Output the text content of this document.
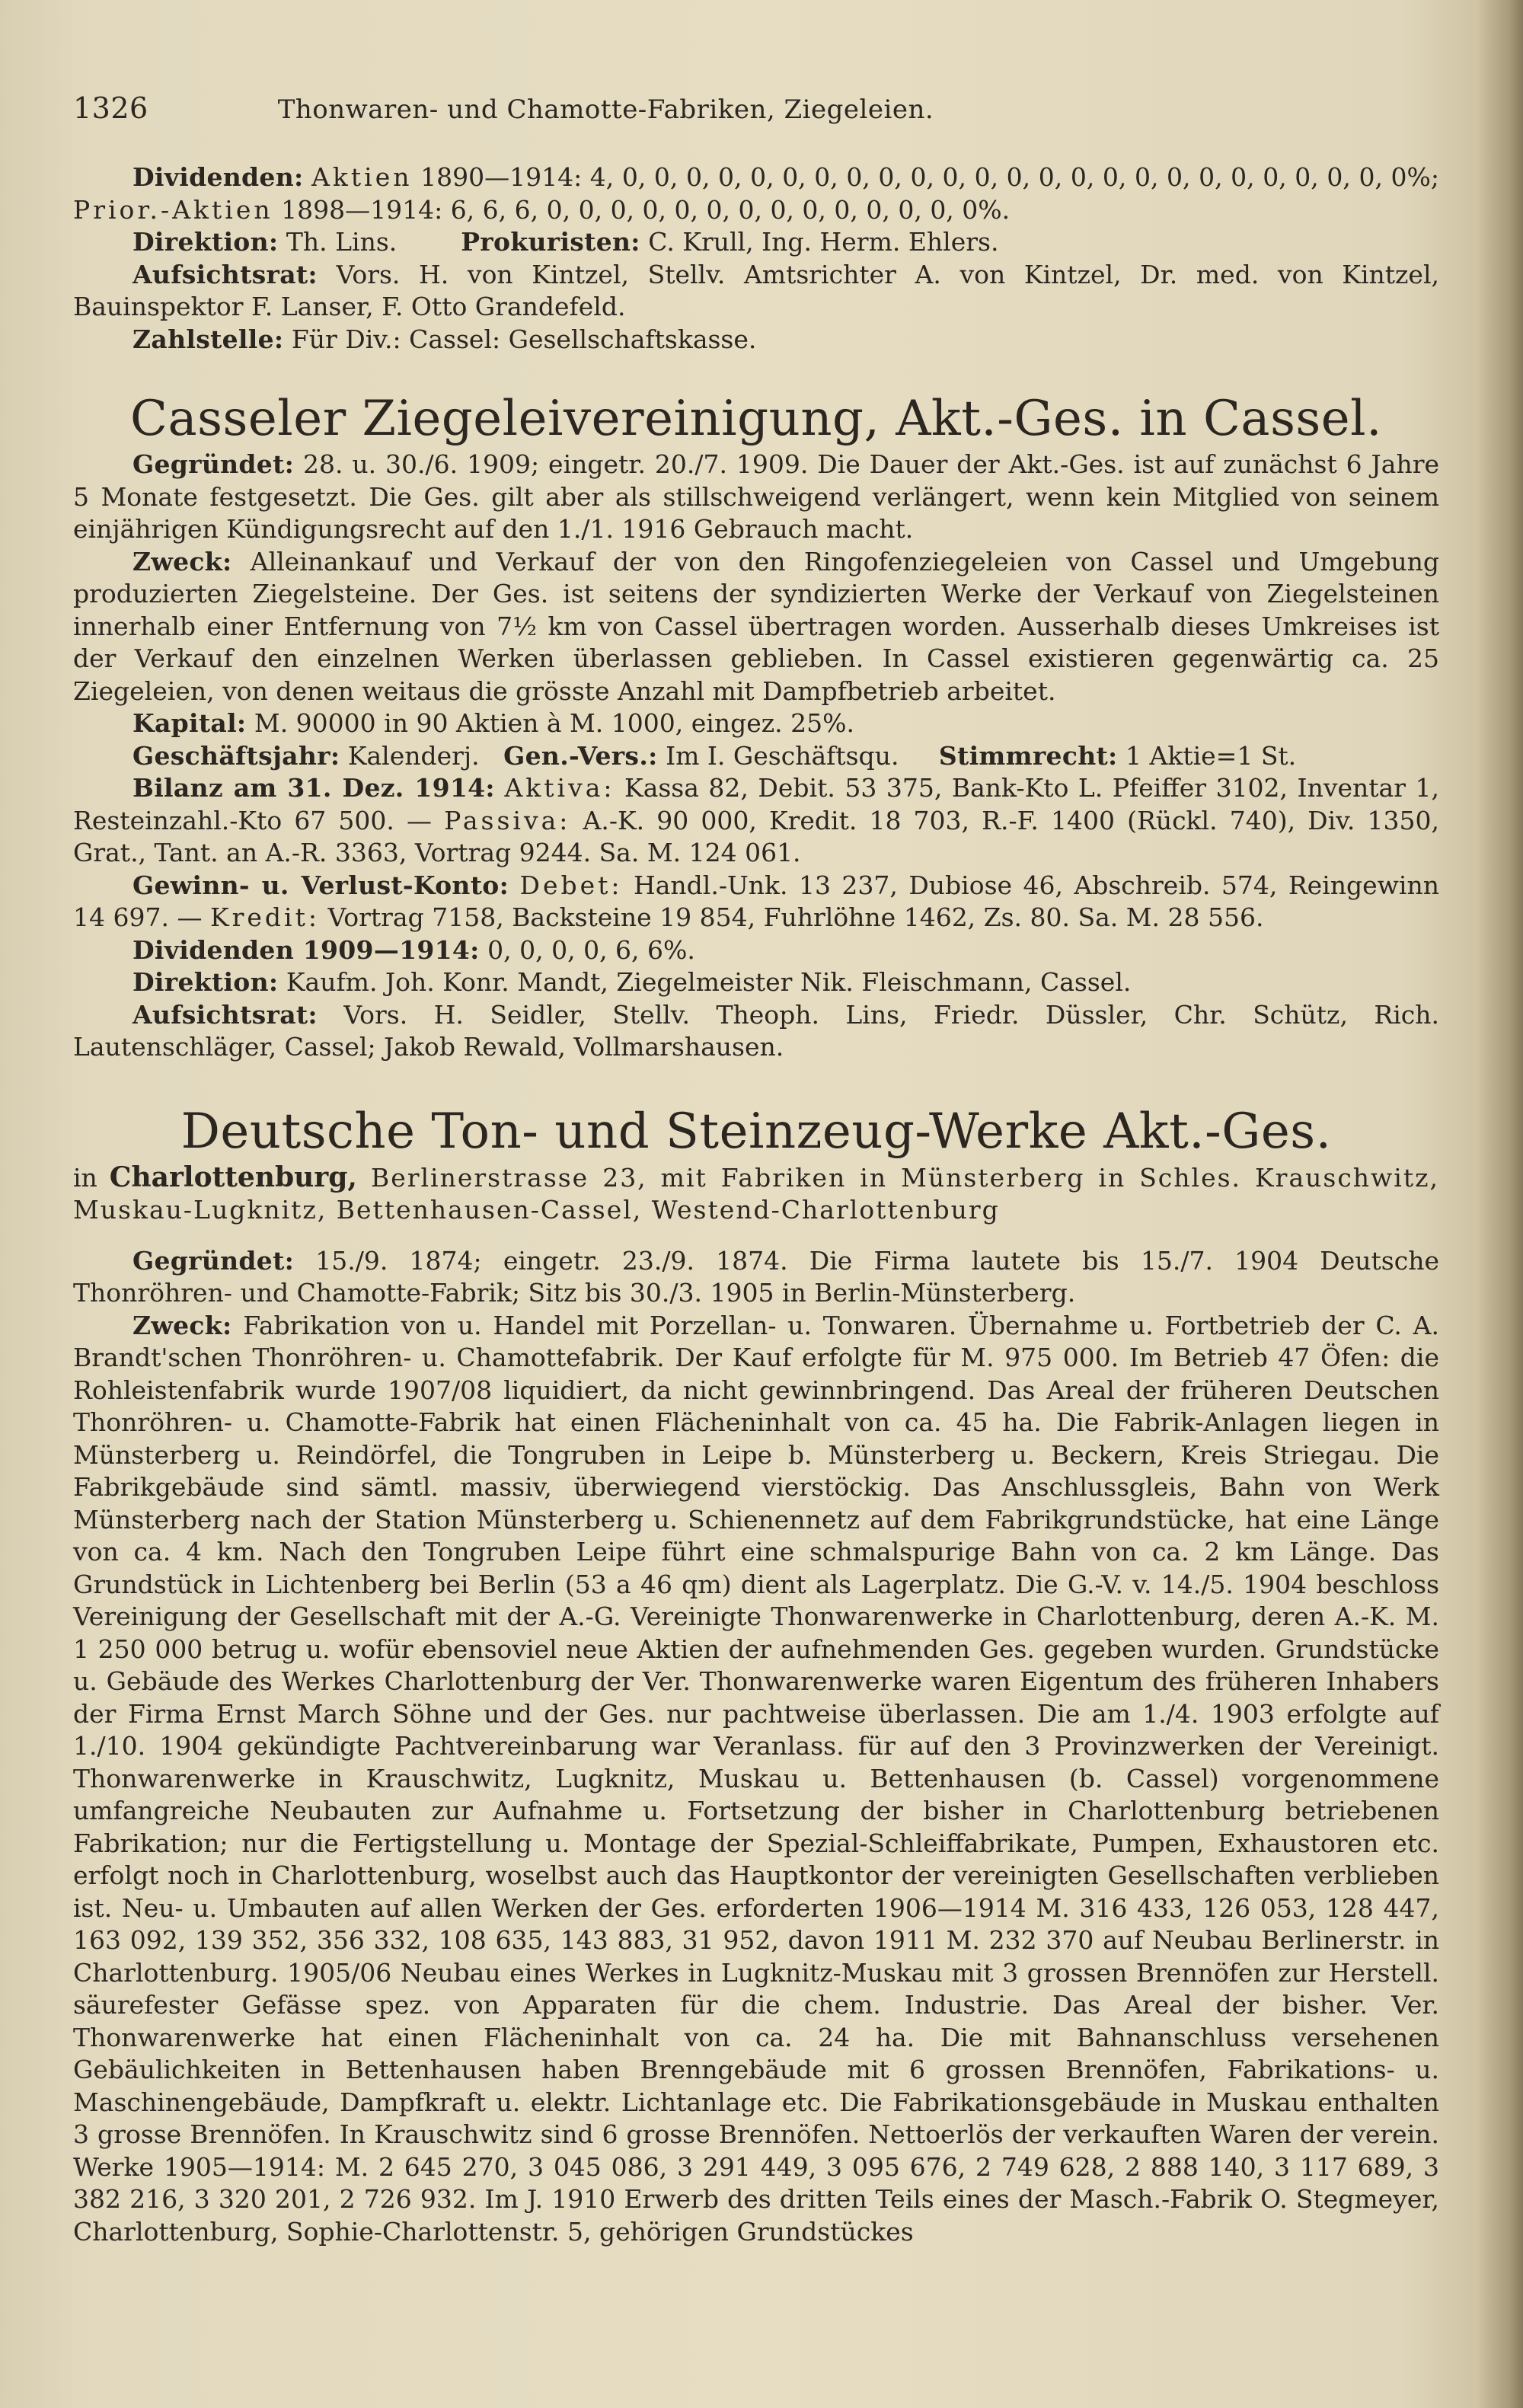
1326	Thonwaren- und Chamotte-Fabriken, Ziegeleien.

Dividenden: Aktien 1890—1914: 4, 0, 0, 0, 0, 0, 0, 0, 0, 0, 0, 0, 0, 0, 0, 0, 0, 0, 0, 0, 0, 0, 0, 0, 0, 0%; Prior.-Aktien 1898—1914: 6, 6, 6, 0, 0, 0, 0, 0, 0, 0, 0, 0, 0, 0, 0, 0, 0%.

Direktion: Th. Lins.	Prokuristen: C. Krull, Ing. Herm. Ehlers.

Aufsichtsrat: Vors. H. von Kintzel, Stellv. Amtsrichter A. von Kintzel, Dr. med. von Kintzel, Bauinspektor F. Lanser, F. Otto Grandefeld.

Zahlstelle: Für Div.: Cassel: Gesellschaftskasse.

Casseler Ziegeleivereinigung, Akt.-Ges. in Cassel.

Gegründet: 28. u. 30./6. 1909; eingetr. 20./7. 1909. Die Dauer der Akt.-Ges. ist auf zunächst 6 Jahre 5 Monate festgesetzt. Die Ges. gilt aber als stillschweigend verlängert, wenn kein Mitglied von seinem einjährigen Kündigungsrecht auf den 1./1. 1916 Gebrauch macht.

Zweck: Alleinankauf und Verkauf der von den Ringofenziegeleien von Cassel und Umgebung produzierten Ziegelsteine. Der Ges. ist seitens der syndizierten Werke der Verkauf von Ziegelsteinen innerhalb einer Entfernung von 7½ km von Cassel übertragen worden. Ausserhalb dieses Umkreises ist der Verkauf den einzelnen Werken überlassen geblieben. In Cassel existieren gegenwärtig ca. 25 Ziegeleien, von denen weitaus die grösste Anzahl mit Dampfbetrieb arbeitet.

Kapital: M. 90000 in 90 Aktien à M. 1000, eingez. 25%.

Geschäftsjahr: Kalenderj. Gen.-Vers.: Im I. Geschäftsqu. Stimmrecht: 1 Aktie=1 St.

Bilanz am 31. Dez. 1914: Aktiva: Kassa 82, Debit. 53 375, Bank-Kto L. Pfeiffer 3102, Inventar 1, Resteinzahl.-Kto 67 500. — Passiva: A.-K. 90 000, Kredit. 18 703, R.-F. 1400 (Rückl. 740), Div. 1350, Grat., Tant. an A.-R. 3363, Vortrag 9244. Sa. M. 124 061.

Gewinn- u. Verlust-Konto: Debet: Handl.-Unk. 13 237, Dubiose 46, Abschreib. 574, Reingewinn 14 697. — Kredit: Vortrag 7158, Backsteine 19 854, Fuhrlöhne 1462, Zs. 80. Sa. M. 28 556.

Dividenden 1909—1914: 0, 0, 0, 0, 6, 6%.

Direktion: Kaufm. Joh. Konr. Mandt, Ziegelmeister Nik. Fleischmann, Cassel.

Aufsichtsrat: Vors. H. Seidler, Stellv. Theoph. Lins, Friedr. Düssler, Chr. Schütz, Rich. Lautenschläger, Cassel; Jakob Rewald, Vollmarshausen.

Deutsche Ton- und Steinzeug-Werke Akt.-Ges.

in Charlottenburg, Berlinerstrasse 23, mit Fabriken in Münsterberg in Schles. Krauschwitz, Muskau-Lugknitz, Bettenhausen-Cassel, Westend-Charlottenburg

Gegründet: 15./9. 1874; eingetr. 23./9. 1874. Die Firma lautete bis 15./7. 1904 Deutsche Thonröhren- und Chamotte-Fabrik; Sitz bis 30./3. 1905 in Berlin-Münsterberg.

Zweck: Fabrikation von u. Handel mit Porzellan- u. Tonwaren. Übernahme u. Fortbetrieb der C. A. Brandt'schen Thonröhren- u. Chamottefabrik. Der Kauf erfolgte für M. 975 000. Im Betrieb 47 Öfen: die Rohleistenfabrik wurde 1907/08 liquidiert, da nicht gewinnbringend. Das Areal der früheren Deutschen Thonröhren- u. Chamotte-Fabrik hat einen Flächeninhalt von ca. 45 ha. Die Fabrik-Anlagen liegen in Münsterberg u. Reindörfel, die Tongruben in Leipe b. Münsterberg u. Beckern, Kreis Striegau. Die Fabrikgebäude sind sämtl. massiv, überwiegend vierstöckig. Das Anschlussgleis, Bahn von Werk Münsterberg nach der Station Münsterberg u. Schienennetz auf dem Fabrikgrundstücke, hat eine Länge von ca. 4 km. Nach den Tongruben Leipe führt eine schmalspurige Bahn von ca. 2 km Länge. Das Grundstück in Lichtenberg bei Berlin (53 a 46 qm) dient als Lagerplatz. Die G.-V. v. 14./5. 1904 beschloss Vereinigung der Gesellschaft mit der A.-G. Vereinigte Thonwarenwerke in Charlottenburg, deren A.-K. M. 1 250 000 betrug u. wofür ebensoviel neue Aktien der aufnehmenden Ges. gegeben wurden. Grundstücke u. Gebäude des Werkes Charlottenburg der Ver. Thonwarenwerke waren Eigentum des früheren Inhabers der Firma Ernst March Söhne und der Ges. nur pachtweise überlassen. Die am 1./4. 1903 erfolgte auf 1./10. 1904 gekündigte Pachtvereinbarung war Veranlass. für auf den 3 Provinzwerken der Vereinigt. Thonwarenwerke in Krauschwitz, Lugknitz, Muskau u. Bettenhausen (b. Cassel) vorgenommene umfangreiche Neubauten zur Aufnahme u. Fortsetzung der bisher in Charlottenburg betriebenen Fabrikation; nur die Fertigstellung u. Montage der Spezial-Schleiffabrikate, Pumpen, Exhaustoren etc. erfolgt noch in Charlottenburg, woselbst auch das Hauptkontor der vereinigten Gesellschaften verblieben ist. Neu- u. Umbauten auf allen Werken der Ges. erforderten 1906—1914 M. 316 433, 126 053, 128 447, 163 092, 139 352, 356 332, 108 635, 143 883, 31 952, davon 1911 M. 232 370 auf Neubau Berlinerstr. in Charlottenburg. 1905/06 Neubau eines Werkes in Lugknitz-Muskau mit 3 grossen Brennöfen zur Herstell. säurefester Gefässe spez. von Apparaten für die chem. Industrie. Das Areal der bisher. Ver. Thonwarenwerke hat einen Flächeninhalt von ca. 24 ha. Die mit Bahnanschluss versehenen Gebäulichkeiten in Bettenhausen haben Brenngebäude mit 6 grossen Brennöfen, Fabrikations- u. Maschinengebäude, Dampfkraft u. elektr. Lichtanlage etc. Die Fabrikationsgebäude in Muskau enthalten 3 grosse Brennöfen. In Krauschwitz sind 6 grosse Brennöfen. Nettoerlös der verkauften Waren der verein. Werke 1905—1914: M. 2 645 270, 3 045 086, 3 291 449, 3 095 676, 2 749 628, 2 888 140, 3 117 689, 3 382 216, 3 320 201, 2 726 932. Im J. 1910 Erwerb des dritten Teils eines der Masch.-Fabrik O. Stegmeyer, Charlottenburg, Sophie-Charlottenstr. 5, gehörigen Grundstückes
